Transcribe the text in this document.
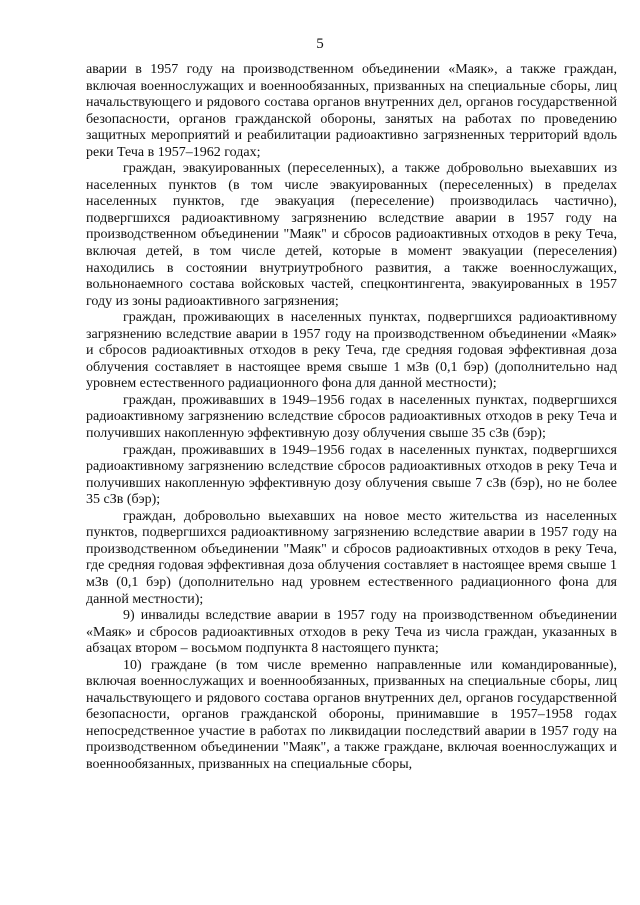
5

аварии в 1957 году на производственном объединении «Маяк», а также граждан, включая военнослужащих и военнообязанных, призванных на специальные сборы, лиц начальствующего и рядового состава органов внутренних дел, органов государственной безопасности, органов гражданской обороны, занятых на работах по проведению защитных мероприятий и реабилитации радиоактивно загрязненных территорий вдоль реки Теча в 1957–1962 годах;

граждан, эвакуированных (переселенных), а также добровольно выехавших из населенных пунктов (в том числе эвакуированных (переселенных) в пределах населенных пунктов, где эвакуация (переселение) производилась частично), подвергшихся радиоактивному загрязнению вследствие аварии в 1957 году на производственном объединении "Маяк" и сбросов радиоактивных отходов в реку Теча, включая детей, в том числе детей, которые в момент эвакуации (переселения) находились в состоянии внутриутробного развития, а также военнослужащих, вольнонаемного состава войсковых частей, спецконтингента, эвакуированных в 1957 году из зоны радиоактивного загрязнения;

граждан, проживающих в населенных пунктах, подвергшихся радиоактивному загрязнению вследствие аварии в 1957 году на производственном объединении «Маяк» и сбросов радиоактивных отходов в реку Теча, где средняя годовая эффективная доза облучения составляет в настоящее время свыше 1 мЗв (0,1 бэр) (дополнительно над уровнем естественного радиационного фона для данной местности);

граждан, проживавших в 1949–1956 годах в населенных пунктах, подвергшихся радиоактивному загрязнению вследствие сбросов радиоактивных отходов в реку Теча и получивших накопленную эффективную дозу облучения свыше 35 сЗв (бэр);

граждан, проживавших в 1949–1956 годах в населенных пунктах, подвергшихся радиоактивному загрязнению вследствие сбросов радиоактивных отходов в реку Теча и получивших накопленную эффективную дозу облучения свыше 7 сЗв (бэр), но не более 35 сЗв (бэр);

граждан, добровольно выехавших на новое место жительства из населенных пунктов, подвергшихся радиоактивному загрязнению вследствие аварии в 1957 году на производственном объединении "Маяк" и сбросов радиоактивных отходов в реку Теча, где средняя годовая эффективная доза облучения составляет в настоящее время свыше 1 мЗв (0,1 бэр) (дополнительно над уровнем естественного радиационного фона для данной местности);

9) инвалиды вследствие аварии в 1957 году на производственном объединении «Маяк» и сбросов радиоактивных отходов в реку Теча из числа граждан, указанных в абзацах втором – восьмом подпункта 8 настоящего пункта;

10) граждане (в том числе временно направленные или командированные), включая военнослужащих и военнообязанных, призванных на специальные сборы, лиц начальствующего и рядового состава органов внутренних дел, органов государственной безопасности, органов гражданской обороны, принимавшие в 1957–1958 годах непосредственное участие в работах по ликвидации последствий аварии в 1957 году на производственном объединении "Маяк", а также граждане, включая военнослужащих и военнообязанных, призванных на специальные сборы,
